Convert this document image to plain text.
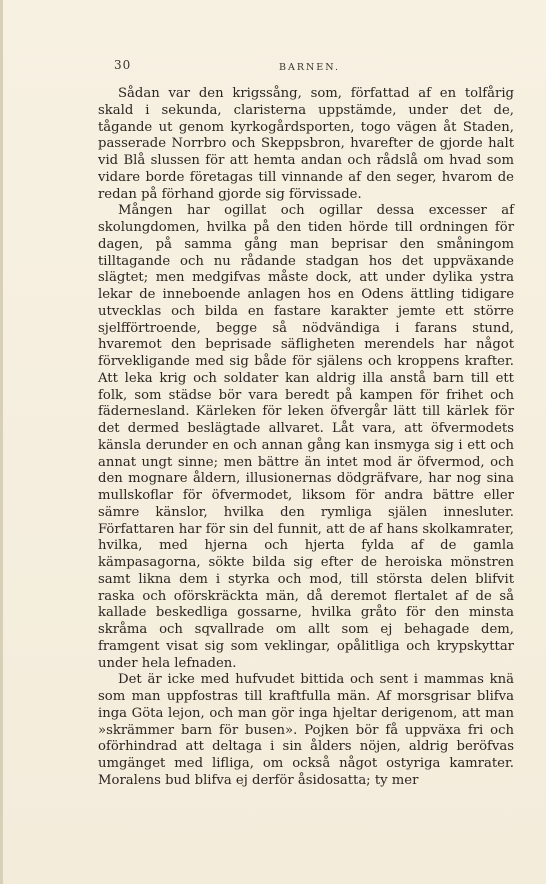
30	BARNEN.

Sådan var den krigssång, som, författad af en tolfårig skald i sekunda, claristerna uppstämde, under det de, tågande ut genom kyrkogårdsporten, togo vägen åt Staden, passerade Norrbro och Skeppsbron, hvarefter de gjorde halt vid Blå slussen för att hemta andan och rådslå om hvad som vidare borde företagas till vinnande af den seger, hvarom de redan på förhand gjorde sig förvissade.

Mången har ogillat och ogillar dessa excesser af skolungdomen, hvilka på den tiden hörde till ordningen för dagen, på samma gång man beprisar den småningom tilltagande och nu rådande stadgan hos det uppväxande slägtet; men medgifvas måste dock, att under dylika ystra lekar de inneboende anlagen hos en Odens ättling tidigare utvecklas och bilda en fastare karakter jemte ett större sjelfförtroende, begge så nödvändiga i farans stund, hvaremot den beprisade säfligheten merendels har något förvekligande med sig både för själens och kroppens krafter. Att leka krig och soldater kan aldrig illa anstå barn till ett folk, som städse bör vara beredt på kampen för frihet och fädernesland. Kärleken för leken öfvergår lätt till kärlek för det dermed beslägtade allvaret. Låt vara, att öfvermodets känsla derunder en och annan gång kan insmyga sig i ett och annat ungt sinne; men bättre än intet mod är öfvermod, och den mognare åldern, illusionernas dödgräfvare, har nog sina mullskoflar för öfvermodet, liksom för andra bättre eller sämre känslor, hvilka den rymliga själen innesluter. Författaren har för sin del funnit, att de af hans skolkamrater, hvilka, med hjerna och hjerta fylda af de gamla kämpasagorna, sökte bilda sig efter de heroiska mönstren samt likna dem i styrka och mod, till största delen blifvit raska och oförskräckta män, då deremot flertalet af de så kallade beskedliga gossarne, hvilka gråto för den minsta skråma och sqvallrade om allt som ej behagade dem, framgent visat sig som veklingar, opålitliga och krypskyttar under hela lefnaden.

Det är icke med hufvudet bittida och sent i mammas knä som man uppfostras till kraftfulla män. Af morsgrisar blifva inga Göta lejon, och man gör inga hjeltar derigenom, att man »skrämmer barn för busen». Pojken bör få uppväxa fri och oförhindrad att deltaga i sin ålders nöjen, aldrig beröfvas umgänget med lifliga, om också något ostyriga kamrater. Moralens bud blifva ej derför åsidosatta; ty mer
